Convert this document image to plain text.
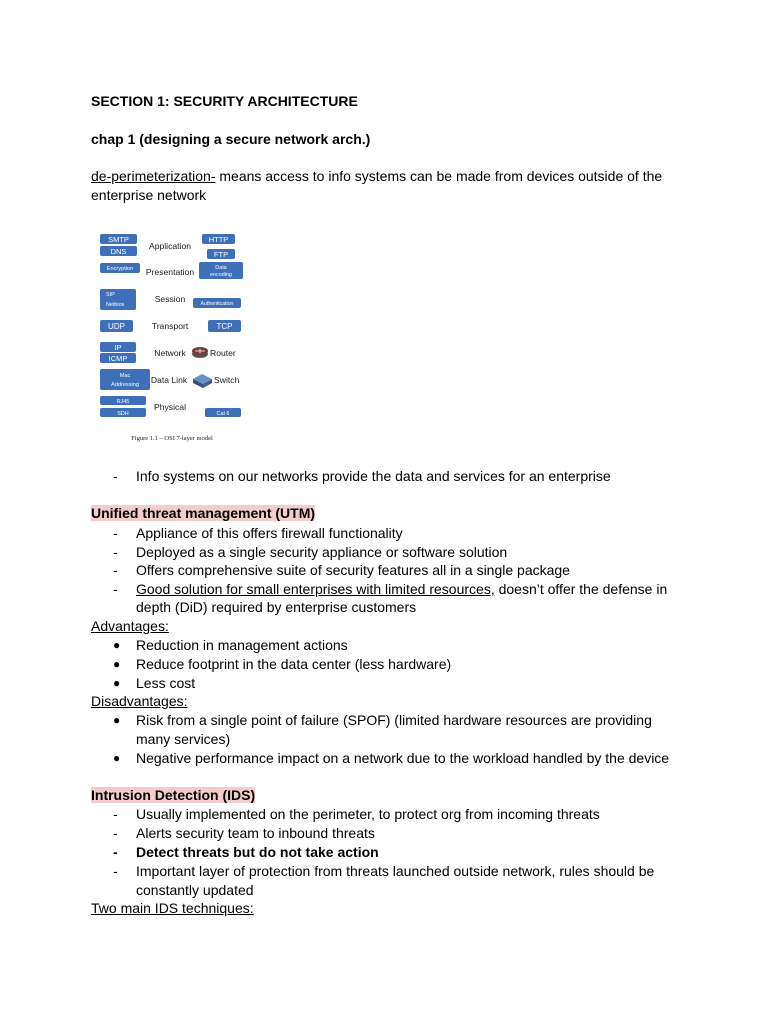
SECTION 1: SECURITY ARCHITECTURE
chap 1 (designing a secure network arch.)
de-perimeterization- means access to info systems can be made from devices outside of the
enterprise network
SMTP
DNS
Application
HTTP
FTP
Encryption Presentation	Data
encoding
SIP
Netbios
Session	Authentication
UDP	Transport	TCP
IP
ICMP
Network	Router
Mac
Addressing Data Link	Switch
RJ45
SDH
Physical
Cat 6
Figure 1.1 – OSI 7-layer model
- Info systems on our networks provide the data and services for an enterprise
Unified threat management (UTM)
- Appliance of this offers firewall functionality
- Deployed as a single security appliance or software solution
- Offers comprehensive suite of security features all in a single package
- Good solution for small enterprises with limited resources, doesn’t offer the defense in
depth (DiD) required by enterprise customers
Advantages:
● Reduction in management actions
● Reduce footprint in the data center (less hardware)
● Less cost
Disadvantages:
● Risk from a single point of failure (SPOF) (limited hardware resources are providing
many services)
● Negative performance impact on a network due to the workload handled by the device
Intrusion Detection (IDS)
- Usually implemented on the perimeter, to protect org from incoming threats
- Alerts security team to inbound threats
- Detect threats but do not take action
- Important layer of protection from threats launched outside network, rules should be
constantly updated
Two main IDS techniques:
